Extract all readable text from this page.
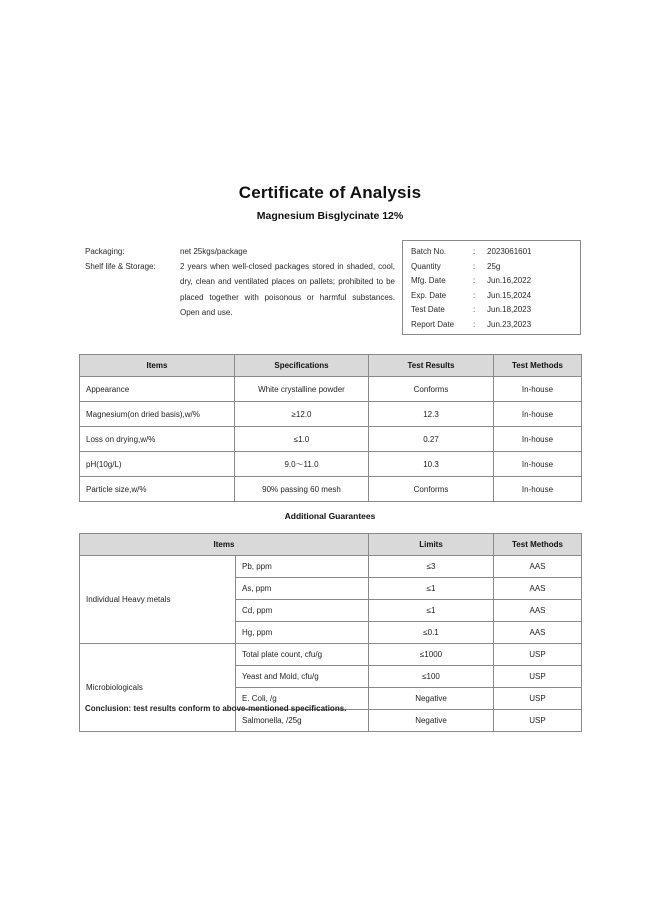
Certificate of Analysis
Magnesium Bisglycinate 12%
Packaging:	net 25kgs/package
Shelf life & Storage:	2 years when well-closed packages stored in shaded, cool, dry, clean and ventilated places on pallets; prohibited to be placed together with poisonous or harmful substances. Open and use.
Batch No.	:	2023061601
Quantity	:	25g
Mfg. Date	:	Jun.16,2022
Exp. Date	:	Jun.15,2024
Test Date	:	Jun.18,2023
Report Date	:	Jun.23,2023
Items	Specifications	Test Results	Test Methods
Appearance	White crystalline powder	Conforms	In-house
Magnesium(on dried basis),w/%	≥12.0	12.3	In-house
Loss on drying,w/%	≤1.0	0.27	In-house
pH(10g/L)	9.0～11.0	10.3	In-house
Particle size,w/%	90% passing 60 mesh	Conforms	In-house
Additional Guarantees
Items		Limits	Test Methods
Individual Heavy metals	Pb, ppm	≤3	AAS
	As, ppm	≤1	AAS
	Cd, ppm	≤1	AAS
	Hg, ppm	≤0.1	AAS
Microbiologicals	Total plate count, cfu/g	≤1000	USP
	Yeast and Mold, cfu/g	≤100	USP
	E. Coli, /g	Negative	USP
	Salmonella, /25g	Negative	USP
Conclusion: test results conform to above-mentioned specifications.
